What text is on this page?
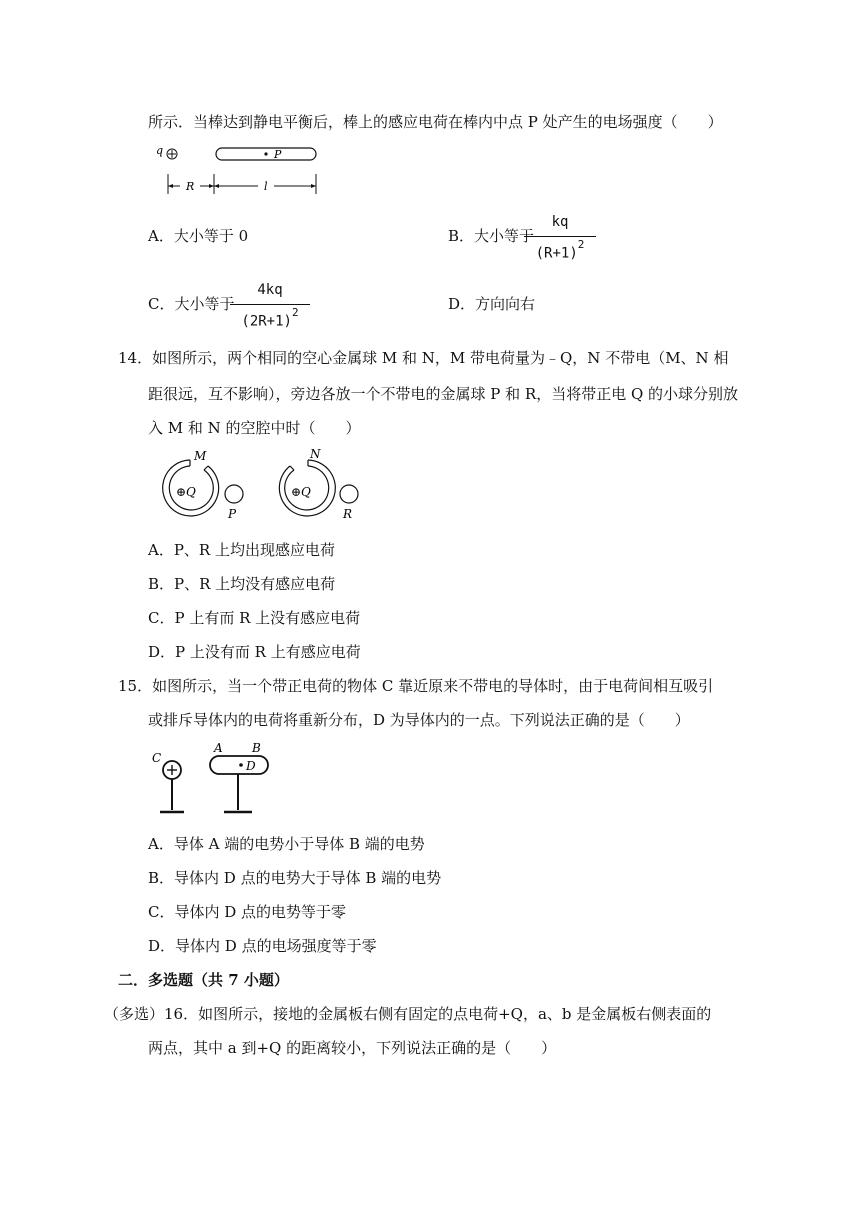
所示．当棒达到静电平衡后，棒上的感应电荷在棒内中点 P 处产生的电场强度（　　）
q	P
R	l
A．大小等于 0	B．大小等于
kq
$(R+1)^2$
C．大小等于
4kq
$(2R+1)^2$	D．方向向右
14．如图所示，两个相同的空心金属球 M 和 N，M 带电荷量为﹣Q，N 不带电（M、N 相
距很远，互不影响），旁边各放一个不带电的金属球 P 和 R，当将带正电 Q 的小球分别放
入 M 和 N 的空腔中时（　　）
M
⊕Q
P
N
⊕Q
R
A．P、R 上均出现感应电荷
B．P、R 上均没有感应电荷
C．P 上有而 R 上没有感应电荷
D．P 上没有而 R 上有感应电荷
15．如图所示，当一个带正电荷的物体 C 靠近原来不带电的导体时，由于电荷间相互吸引
或排斥导体内的电荷将重新分布，D 为导体内的一点。下列说法正确的是（　　）
C
A B
D
A．导体 A 端的电势小于导体 B 端的电势
B．导体内 D 点的电势大于导体 B 端的电势
C．导体内 D 点的电势等于零
D．导体内 D 点的电场强度等于零
二．多选题（共 7 小题）
（多选）16．如图所示，接地的金属板右侧有固定的点电荷+Q，a、b 是金属板右侧表面的
两点，其中 a 到+Q 的距离较小，下列说法正确的是（　　）
